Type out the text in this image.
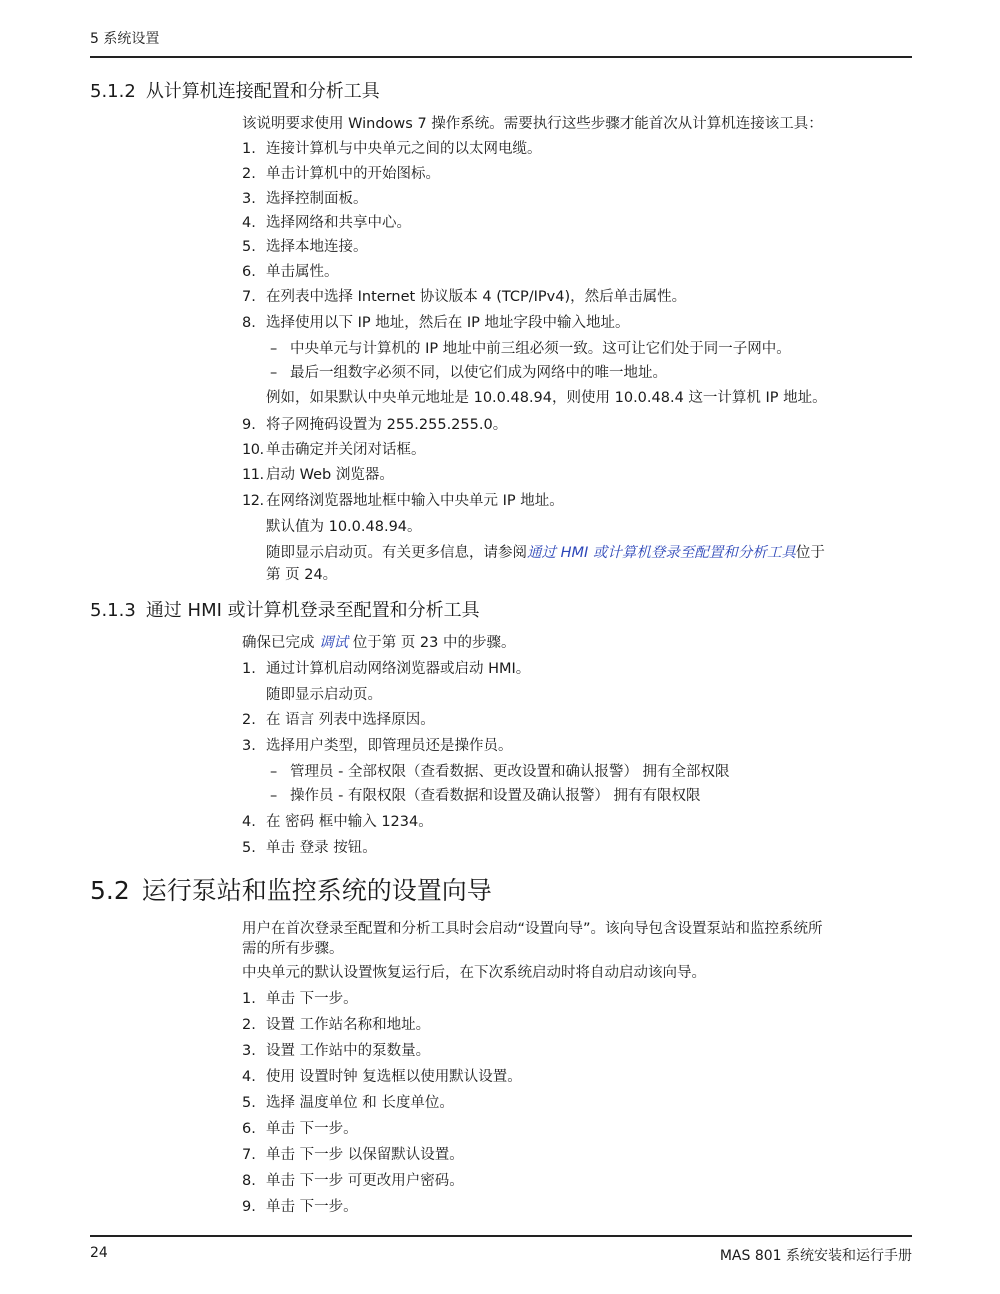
5 系统设置
5.1.2 从计算机连接配置和分析工具
该说明要求使用 Windows 7 操作系统。需要执行这些步骤才能首次从计算机连接该工具：
1. 连接计算机与中央单元之间的以太网电缆。
2. 单击计算机中的开始图标。
3. 选择控制面板。
4. 选择网络和共享中心。
5. 选择本地连接。
6. 单击属性。
7. 在列表中选择 Internet 协议版本 4 (TCP/IPv4)，然后单击属性。
8. 选择使用以下 IP 地址，然后在 IP 地址字段中输入地址。
– 中央单元与计算机的 IP 地址中前三组必须一致。这可让它们处于同一子网中。
– 最后一组数字必须不同，以使它们成为网络中的唯一地址。
例如，如果默认中央单元地址是 10.0.48.94，则使用 10.0.48.4 这一计算机 IP 地址。
9. 将子网掩码设置为 255.255.255.0。
10. 单击确定并关闭对话框。
11. 启动 Web 浏览器。
12. 在网络浏览器地址框中输入中央单元 IP 地址。
默认值为 10.0.48.94。
随即显示启动页。有关更多信息，请参阅通过 HMI 或计算机登录至配置和分析工具位于
第 页 24。
5.1.3 通过 HMI 或计算机登录至配置和分析工具
确保已完成 调试 位于第 页 23 中的步骤。
1. 通过计算机启动网络浏览器或启动 HMI。
随即显示启动页。
2. 在 语言 列表中选择原因。
3. 选择用户类型，即管理员还是操作员。
– 管理员 - 全部权限（查看数据、更改设置和确认报警） 拥有全部权限
– 操作员 - 有限权限（查看数据和设置及确认报警） 拥有有限权限
4. 在 密码 框中输入 1234。
5. 单击 登录 按钮。
5.2 运行泵站和监控系统的设置向导
用户在首次登录至配置和分析工具时会启动“设置向导”。该向导包含设置泵站和监控系统所
需的所有步骤。
中央单元的默认设置恢复运行后，在下次系统启动时将自动启动该向导。
1. 单击 下一步。
2. 设置 工作站名称和地址。
3. 设置 工作站中的泵数量。
4. 使用 设置时钟 复选框以使用默认设置。
5. 选择 温度单位 和 长度单位。
6. 单击 下一步。
7. 单击 下一步 以保留默认设置。
8. 单击 下一步 可更改用户密码。
9. 单击 下一步。
24	MAS 801 系统安装和运行手册
